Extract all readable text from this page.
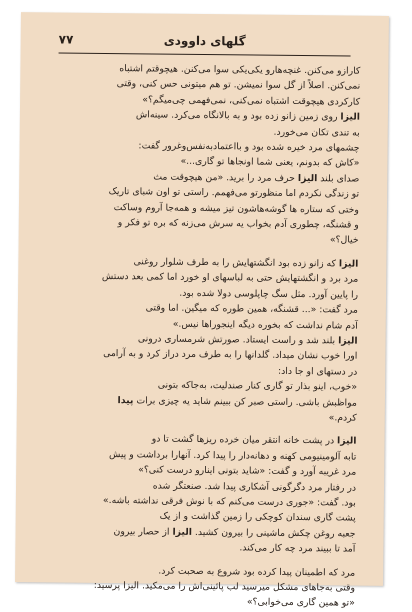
۷۷	گلهای داوودی

کارازو می‌کنن. غنچه‌هارو یکی‌یکی سوا می‌کنن. هیچوقتم اشتباه

نمی‌کنن. اصلاً از گل سوا نمیشن. تو هم میتونی حس کنی، وقتی

کارکردی هیچوقت اشتباه نمی‌کنی، نمی‌فهمی چی‌میگم؟»

الیزا روی زمین زانو زده بود و به بالانگاه می‌کرد. سینه‌اش

به تندی تکان می‌خورد.

چشمهای مرد خیره شده بود و با‌اعتماد‌به‌نفس‌وغرور گفت:

«کاش که بدونم، یعنی شما اونجاها تو گاری...»

صدای بلند الیزا حرف مرد را برید. «من هیچوقت مث

تو زندگی نکردم اما منظورتو می‌فهمم. راستی تو اون شبای تاریک

وختی که ستاره ها گوشه‌هاشون تیز میشه و همه‌جا آروم وساکت

و قشنگه، چطوری آدم بخواب یه سرش می‌زنه که بره تو فکر و

خیال؟»

الیزا که زانو زده بود انگشتهایش را به طرف شلوار روغنی

مرد برد و انگشتهایش حتی به لباسهای او خورد اما کمی بعد دستش

را پایین آورد. مثل سگ چاپلوسی دولا شده بود.

مرد گفت: «... قشنگه، همین طوره که میگین. اما وقتی

آدم شام نداشت که بخوره دیگه اینجوراها نیس.»

الیزا بلند شد و راست ایستاد. صورتش شرمساری درونی

اورا خوب نشان میداد. گلدانها را به طرف مرد دراز کرد و به آرامی

در دستهای او جا داد:

«خوب، اینو بذار تو گاری کنار صندلیت، به‌جاکه بتونی

مواظبش باشی. راستی صبر کن ببینم شاید یه چیزی برات پیدا

کردم.»

الیزا در پشت خانه انتقر میان خرده ریزها گشت تا دو

تابه آلومینیومی کهنه و دهانه‌دار را پیدا کرد. آنهارا برداشت و پیش

مرد غریبه آورد و گفت: «شاید بتونی اینارو درست کنی؟»

در رفتار مرد دگرگونی آشکاری پیدا شد. صنعتگر شده

بود. گفت: «جوری درست می‌کنم که با نوش فرقی نداشته باشه.»

پشت گاری سندان کوچکی را زمین گذاشت و از یک

جعبه روغن چکش ماشینی را بیرون کشید. الیزا از حصار بیرون

آمد تا ببیند مرد چه کار می‌کند.

مرد که اطمینان پیدا کرده بود شروع به صحبت کرد.

وقتی به‌جاهای مشکل میرسید لب پائینی‌اش را می‌مکید. الیزا پرسید:

«تو همین گاری می‌خوابی؟»
